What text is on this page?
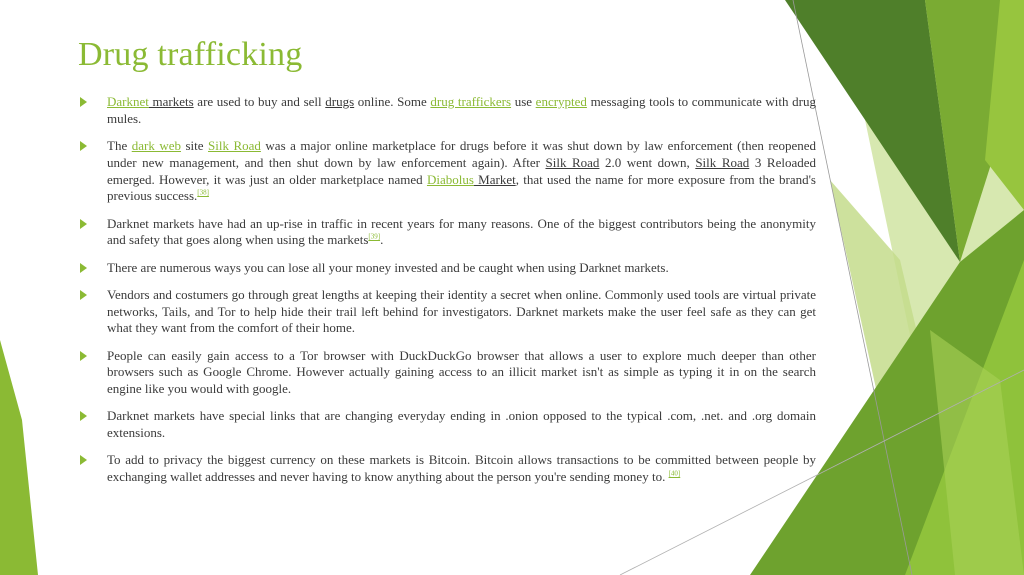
Drug trafficking
Darknet markets are used to buy and sell drugs online. Some drug traffickers use encrypted messaging tools to communicate with drug mules.
The dark web site Silk Road was a major online marketplace for drugs before it was shut down by law enforcement (then reopened under new management, and then shut down by law enforcement again). After Silk Road 2.0 went down, Silk Road 3 Reloaded emerged. However, it was just an older marketplace named Diabolus Market, that used the name for more exposure from the brand's previous success.[38]
Darknet markets have had an up-rise in traffic in recent years for many reasons. One of the biggest contributors being the anonymity and safety that goes along when using the markets[39].
There are numerous ways you can lose all your money invested and be caught when using Darknet markets.
Vendors and costumers go through great lengths at keeping their identity a secret when online. Commonly used tools are virtual private networks, Tails, and Tor to help hide their trail left behind for investigators. Darknet markets make the user feel safe as they can get what they want from the comfort of their home.
People can easily gain access to a Tor browser with DuckDuckGo browser that allows a user to explore much deeper than other browsers such as Google Chrome. However actually gaining access to an illicit market isn't as simple as typing it in on the search engine like you would with google.
Darknet markets have special links that are changing everyday ending in .onion opposed to the typical .com, .net. and .org domain extensions.
To add to privacy the biggest currency on these markets is Bitcoin. Bitcoin allows transactions to be committed between people by exchanging wallet addresses and never having to know anything about the person you're sending money to. [40]
